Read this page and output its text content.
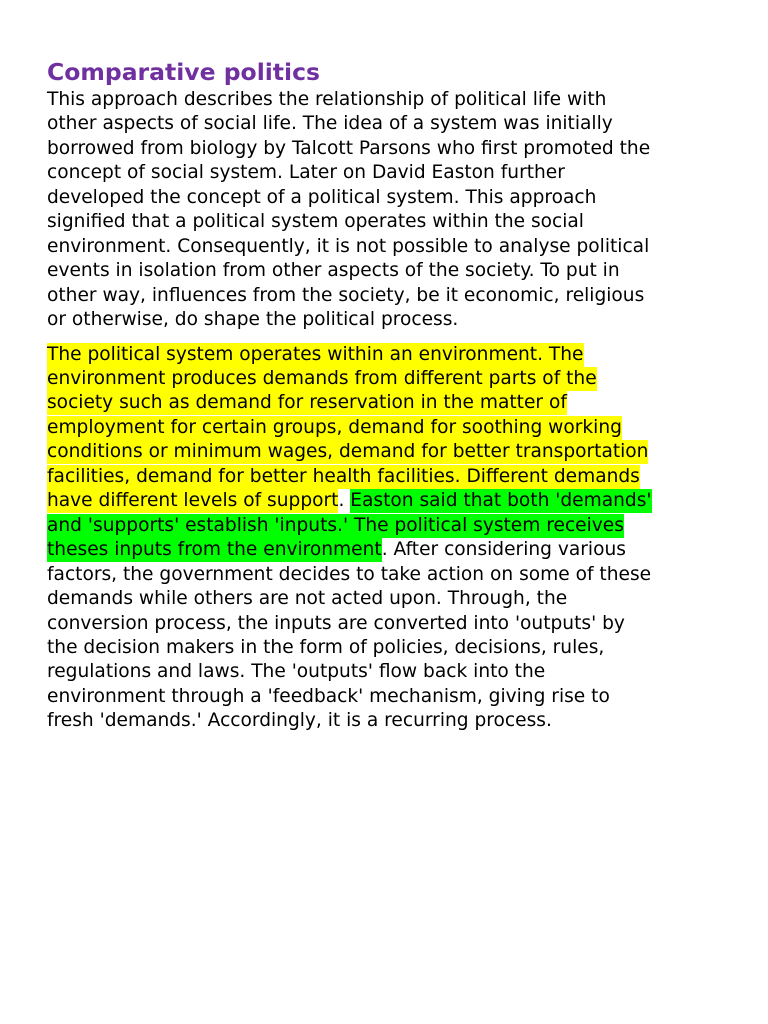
Comparative politics

This approach describes the relationship of political life with
other aspects of social life. The idea of a system was initially
borrowed from biology by Talcott Parsons who first promoted the
concept of social system. Later on David Easton further
developed the concept of a political system. This approach
signified that a political system operates within the social
environment. Consequently, it is not possible to analyse political
events in isolation from other aspects of the society. To put in
other way, influences from the society, be it economic, religious
or otherwise, do shape the political process.

The political system operates within an environment. The
environment produces demands from different parts of the
society such as demand for reservation in the matter of
employment for certain groups, demand for soothing working
conditions or minimum wages, demand for better transportation
facilities, demand for better health facilities. Different demands
have different levels of support. Easton said that both 'demands'
and 'supports' establish 'inputs.' The political system receives
theses inputs from the environment. After considering various
factors, the government decides to take action on some of these
demands while others are not acted upon. Through, the
conversion process, the inputs are converted into 'outputs' by
the decision makers in the form of policies, decisions, rules,
regulations and laws. The 'outputs' flow back into the
environment through a 'feedback' mechanism, giving rise to
fresh 'demands.' Accordingly, it is a recurring process.
